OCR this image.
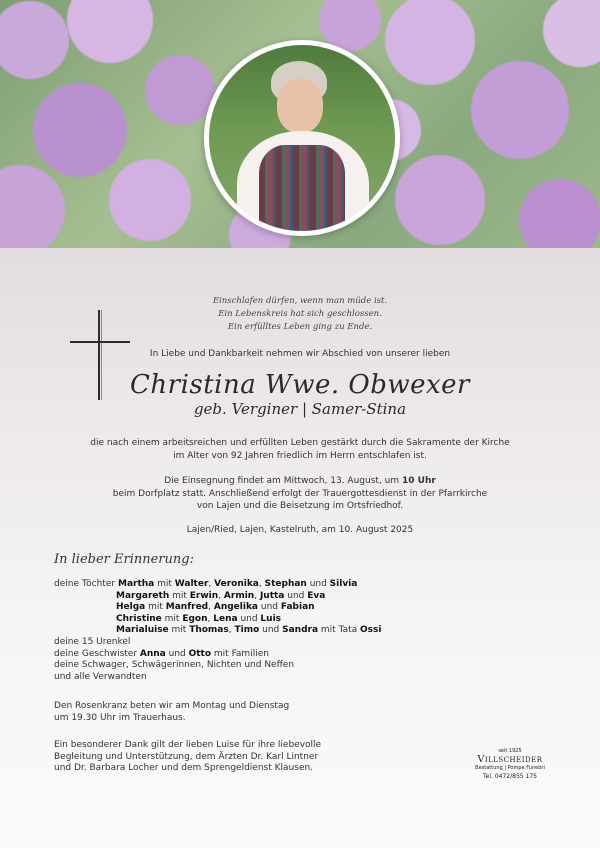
Einschlafen dürfen, wenn man müde ist.
Ein Lebenskreis hat sich geschlossen.
Ein erfülltes Leben ging zu Ende.
In Liebe und Dankbarkeit nehmen wir Abschied von unserer lieben
Christina Wwe. Obwexer
geb. Verginer | Samer-Stina
die nach einem arbeitsreichen und erfüllten Leben gestärkt durch die Sakramente der Kirche
im Alter von 92 Jahren friedlich im Herrn entschlafen ist.
Die Einsegnung findet am Mittwoch, 13. August, um 10 Uhr
beim Dorfplatz statt. Anschließend erfolgt der Trauergottesdienst in der Pfarrkirche
von Lajen und die Beisetzung im Ortsfriedhof.
Lajen/Ried, Lajen, Kastelruth, am 10. August 2025
In lieber Erinnerung:
deine Töchter Martha mit Walter, Veronika, Stephan und Silvia
Margareth mit Erwin, Armin, Jutta und Eva
Helga mit Manfred, Angelika und Fabian
Christine mit Egon, Lena und Luis
Marialuise mit Thomas, Timo und Sandra mit Tata Ossi
deine 15 Urenkel
deine Geschwister Anna und Otto mit Familien
deine Schwager, Schwägerinnen, Nichten und Neffen
und alle Verwandten
Den Rosenkranz beten wir am Montag und Dienstag
um 19.30 Uhr im Trauerhaus.
Ein besonderer Dank gilt der lieben Luise für ihre liebevolle
Begleitung und Unterstützung, dem Ärzten Dr. Karl Lintner
und Dr. Barbara Locher und dem Sprengeldienst Klausen.
seit 1925
Villscheider
Bestattung | Pompe Funebri
Tel. 0472/855 175
